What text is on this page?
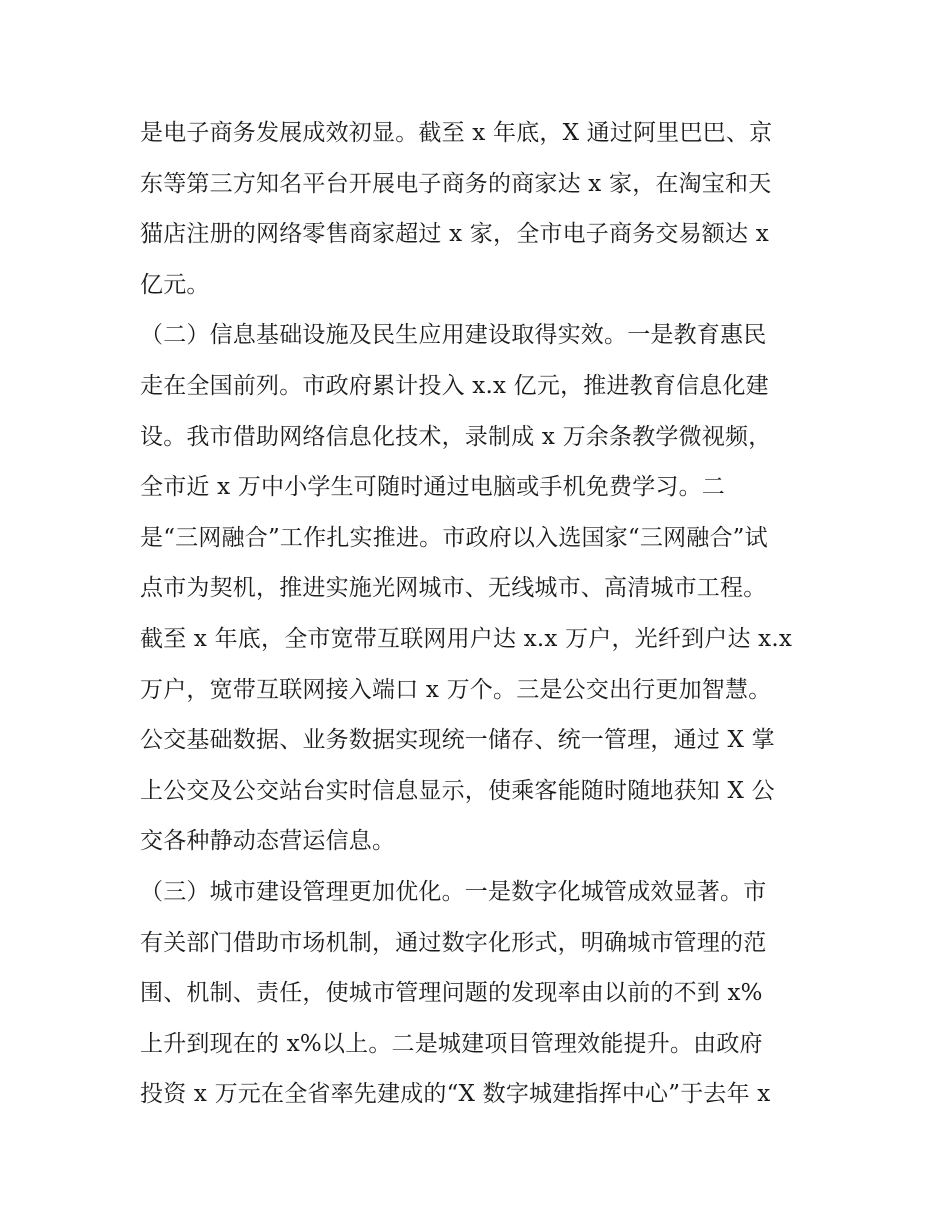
是电子商务发展成效初显。截至 x 年底，X 通过阿里巴巴、京
东等第三方知名平台开展电子商务的商家达 x 家，在淘宝和天
猫店注册的网络零售商家超过 x 家，全市电子商务交易额达 x
亿元。
（二）信息基础设施及民生应用建设取得实效。一是教育惠民
走在全国前列。市政府累计投入 x.x 亿元，推进教育信息化建
设。我市借助网络信息化技术，录制成 x 万余条教学微视频，
全市近 x 万中小学生可随时通过电脑或手机免费学习。二
是“三网融合”工作扎实推进。市政府以入选国家“三网融合”试
点市为契机，推进实施光网城市、无线城市、高清城市工程。
截至 x 年底，全市宽带互联网用户达 x.x 万户，光纤到户达 x.x
万户，宽带互联网接入端口 x 万个。三是公交出行更加智慧。
公交基础数据、业务数据实现统一储存、统一管理，通过 X 掌
上公交及公交站台实时信息显示，使乘客能随时随地获知 X 公
交各种静动态营运信息。
（三）城市建设管理更加优化。一是数字化城管成效显著。市
有关部门借助市场机制，通过数字化形式，明确城市管理的范
围、机制、责任，使城市管理问题的发现率由以前的不到 x%
上升到现在的 x%以上。二是城建项目管理效能提升。由政府
投资 x 万元在全省率先建成的“X 数字城建指挥中心”于去年 x
